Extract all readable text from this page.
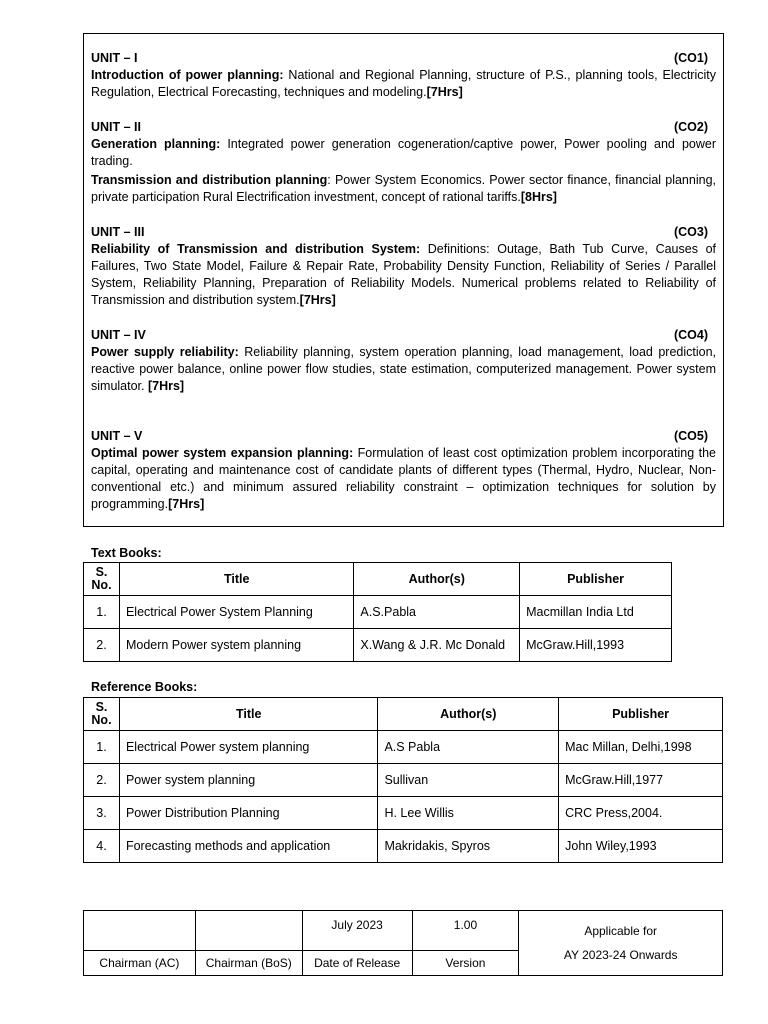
UNIT – I	(CO1)

Introduction of power planning: National and Regional Planning, structure of P.S., planning tools, Electricity Regulation, Electrical Forecasting, techniques and modeling.[7Hrs]

UNIT – II	(CO2)

Generation planning: Integrated power generation cogeneration/captive power, Power pooling and power trading.

Transmission and distribution planning: Power System Economics. Power sector finance, financial planning, private participation Rural Electrification investment, concept of rational tariffs.[8Hrs]

UNIT – III	(CO3)

Reliability of Transmission and distribution System: Definitions: Outage, Bath Tub Curve, Causes of Failures, Two State Model, Failure & Repair Rate, Probability Density Function, Reliability of Series / Parallel System, Reliability Planning, Preparation of Reliability Models. Numerical problems related to Reliability of Transmission and distribution system.[7Hrs]

UNIT – IV	(CO4)

Power supply reliability: Reliability planning, system operation planning, load management, load prediction, reactive power balance, online power flow studies, state estimation, computerized management. Power system simulator. [7Hrs]

UNIT – V	(CO5)

Optimal power system expansion planning: Formulation of least cost optimization problem incorporating the capital, operating and maintenance cost of candidate plants of different types (Thermal, Hydro, Nuclear, Non-conventional etc.) and minimum assured reliability constraint – optimization techniques for solution by programming.[7Hrs]

Text Books:
S. No.	Title	Author(s)	Publisher
1.	Electrical Power System Planning	A.S.Pabla	Macmillan India Ltd
2.	Modern Power system planning	X.Wang & J.R. Mc Donald	McGraw.Hill,1993
Reference Books:
S. No.	Title	Author(s)	Publisher
1.	Electrical Power system planning	A.S Pabla	Mac Millan, Delhi,1998
2.	Power system planning	Sullivan	McGraw.Hill,1977
3.	Power Distribution Planning	H. Lee Willis	CRC Press,2004.
4.	Forecasting methods and application	Makridakis, Spyros	John Wiley,1993
		July 2023	1.00	Applicable for
AY 2023-24 Onwards

Chairman (AC)	Chairman (BoS)	Date of Release	Version	
